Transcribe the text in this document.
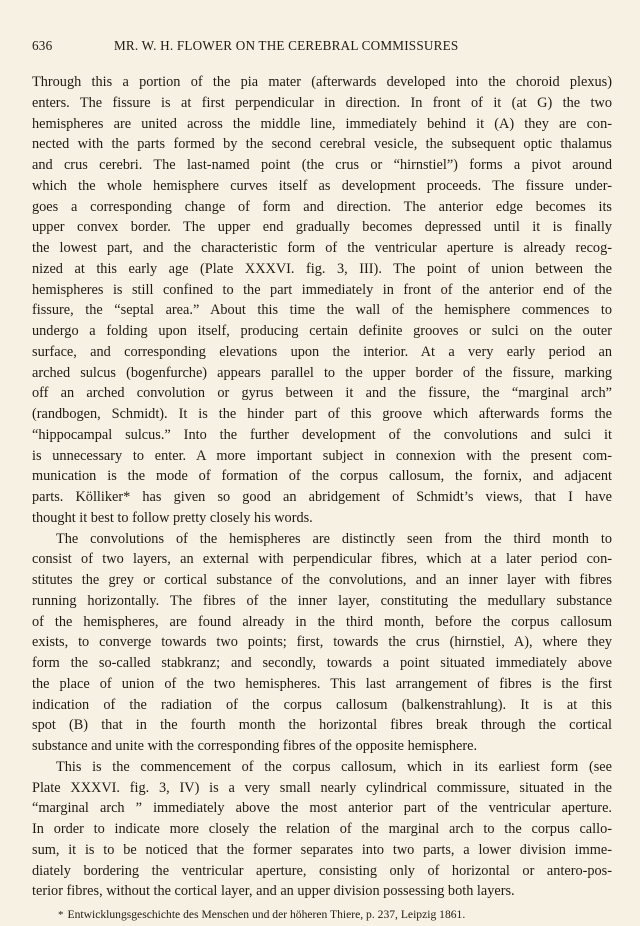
636	MR. W. H. FLOWER ON THE CEREBRAL COMMISSURES
Through this a portion of the pia mater (afterwards developed into the choroid plexus)
enters. The fissure is at first perpendicular in direction. In front of it (at G) the two
hemispheres are united across the middle line, immediately behind it (A) they are con-
nected with the parts formed by the second cerebral vesicle, the subsequent optic thalamus
and crus cerebri. The last-named point (the crus or “hirnstiel”) forms a pivot around
which the whole hemisphere curves itself as development proceeds. The fissure under-
goes a corresponding change of form and direction. The anterior edge becomes its
upper convex border. The upper end gradually becomes depressed until it is finally
the lowest part, and the characteristic form of the ventricular aperture is already recog-
nized at this early age (Plate XXXVI. fig. 3, III). The point of union between the
hemispheres is still confined to the part immediately in front of the anterior end of the
fissure, the “septal area.” About this time the wall of the hemisphere commences to
undergo a folding upon itself, producing certain definite grooves or sulci on the outer
surface, and corresponding elevations upon the interior. At a very early period an
arched sulcus (bogenfurche) appears parallel to the upper border of the fissure, marking
off an arched convolution or gyrus between it and the fissure, the “marginal arch”
(randbogen, Schmidt). It is the hinder part of this groove which afterwards forms the
“hippocampal sulcus.” Into the further development of the convolutions and sulci it
is unnecessary to enter. A more important subject in connexion with the present com-
munication is the mode of formation of the corpus callosum, the fornix, and adjacent
parts. Kölliker* has given so good an abridgement of Schmidt’s views, that I have
thought it best to follow pretty closely his words.
The convolutions of the hemispheres are distinctly seen from the third month to
consist of two layers, an external with perpendicular fibres, which at a later period con-
stitutes the grey or cortical substance of the convolutions, and an inner layer with fibres
running horizontally. The fibres of the inner layer, constituting the medullary substance
of the hemispheres, are found already in the third month, before the corpus callosum
exists, to converge towards two points; first, towards the crus (hirnstiel, A), where they
form the so-called stabkranz; and secondly, towards a point situated immediately above
the place of union of the two hemispheres. This last arrangement of fibres is the first
indication of the radiation of the corpus callosum (balkenstrahlung). It is at this
spot (B) that in the fourth month the horizontal fibres break through the cortical
substance and unite with the corresponding fibres of the opposite hemisphere.
This is the commencement of the corpus callosum, which in its earliest form (see
Plate XXXVI. fig. 3, IV) is a very small nearly cylindrical commissure, situated in the
“marginal arch ” immediately above the most anterior part of the ventricular aperture.
In order to indicate more closely the relation of the marginal arch to the corpus callo-
sum, it is to be noticed that the former separates into two parts, a lower division imme-
diately bordering the ventricular aperture, consisting only of horizontal or antero-pos-
terior fibres, without the cortical layer, and an upper division possessing both layers.
* Entwicklungsgeschichte des Menschen und der höheren Thiere, p. 237, Leipzig 1861.
